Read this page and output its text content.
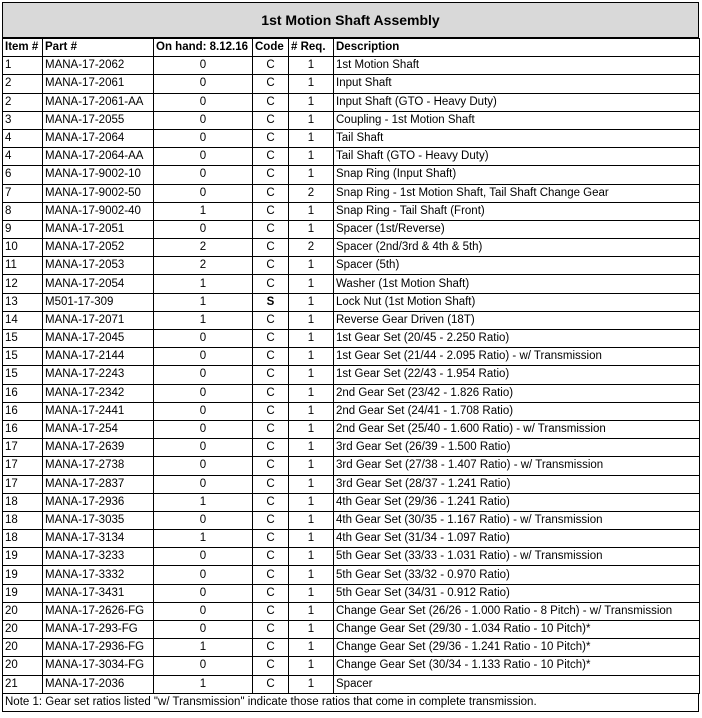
1st Motion Shaft Assembly
Item #	Part #	On hand: 8.12.16	Code	# Req.	Description
1	MANA-17-2062	0	C	1	1st Motion Shaft
2	MANA-17-2061	0	C	1	Input Shaft
2	MANA-17-2061-AA	0	C	1	Input Shaft (GTO - Heavy Duty)
3	MANA-17-2055	0	C	1	Coupling - 1st Motion Shaft
4	MANA-17-2064	0	C	1	Tail Shaft
4	MANA-17-2064-AA	0	C	1	Tail Shaft (GTO - Heavy Duty)
6	MANA-17-9002-10	0	C	1	Snap Ring (Input Shaft)
7	MANA-17-9002-50	0	C	2	Snap Ring - 1st Motion Shaft, Tail Shaft Change Gear
8	MANA-17-9002-40	1	C	1	Snap Ring - Tail Shaft (Front)
9	MANA-17-2051	0	C	1	Spacer (1st/Reverse)
10	MANA-17-2052	2	C	2	Spacer (2nd/3rd & 4th & 5th)
11	MANA-17-2053	2	C	1	Spacer (5th)
12	MANA-17-2054	1	C	1	Washer (1st Motion Shaft)
13	M501-17-309	1	S	1	Lock Nut (1st Motion Shaft)
14	MANA-17-2071	1	C	1	Reverse Gear Driven (18T)
15	MANA-17-2045	0	C	1	1st Gear Set (20/45 - 2.250 Ratio)
15	MANA-17-2144	0	C	1	1st Gear Set (21/44 - 2.095 Ratio) - w/ Transmission
15	MANA-17-2243	0	C	1	1st Gear Set (22/43 - 1.954 Ratio)
16	MANA-17-2342	0	C	1	2nd Gear Set (23/42 - 1.826 Ratio)
16	MANA-17-2441	0	C	1	2nd Gear Set (24/41 - 1.708 Ratio)
16	MANA-17-254	0	C	1	2nd Gear Set (25/40 - 1.600 Ratio) - w/ Transmission
17	MANA-17-2639	0	C	1	3rd Gear Set (26/39 - 1.500 Ratio)
17	MANA-17-2738	0	C	1	3rd Gear Set (27/38 - 1.407 Ratio) - w/ Transmission
17	MANA-17-2837	0	C	1	3rd Gear Set (28/37 - 1.241 Ratio)
18	MANA-17-2936	1	C	1	4th Gear Set (29/36 - 1.241 Ratio)
18	MANA-17-3035	0	C	1	4th Gear Set (30/35 - 1.167 Ratio) - w/ Transmission
18	MANA-17-3134	1	C	1	4th Gear Set (31/34 - 1.097 Ratio)
19	MANA-17-3233	0	C	1	5th Gear Set (33/33 - 1.031 Ratio) - w/ Transmission
19	MANA-17-3332	0	C	1	5th Gear Set (33/32 - 0.970 Ratio)
19	MANA-17-3431	0	C	1	5th Gear Set (34/31 - 0.912 Ratio)
20	MANA-17-2626-FG	0	C	1	Change Gear Set (26/26 - 1.000 Ratio - 8 Pitch) - w/ Transmission
20	MANA-17-293-FG	0	C	1	Change Gear Set (29/30 - 1.034 Ratio - 10 Pitch)*
20	MANA-17-2936-FG	1	C	1	Change Gear Set (29/36 - 1.241 Ratio - 10 Pitch)*
20	MANA-17-3034-FG	0	C	1	Change Gear Set (30/34 - 1.133 Ratio - 10 Pitch)*
21	MANA-17-2036	1	C	1	Spacer
Note 1: Gear set ratios listed "w/ Transmission" indicate those ratios that come in complete transmission.
